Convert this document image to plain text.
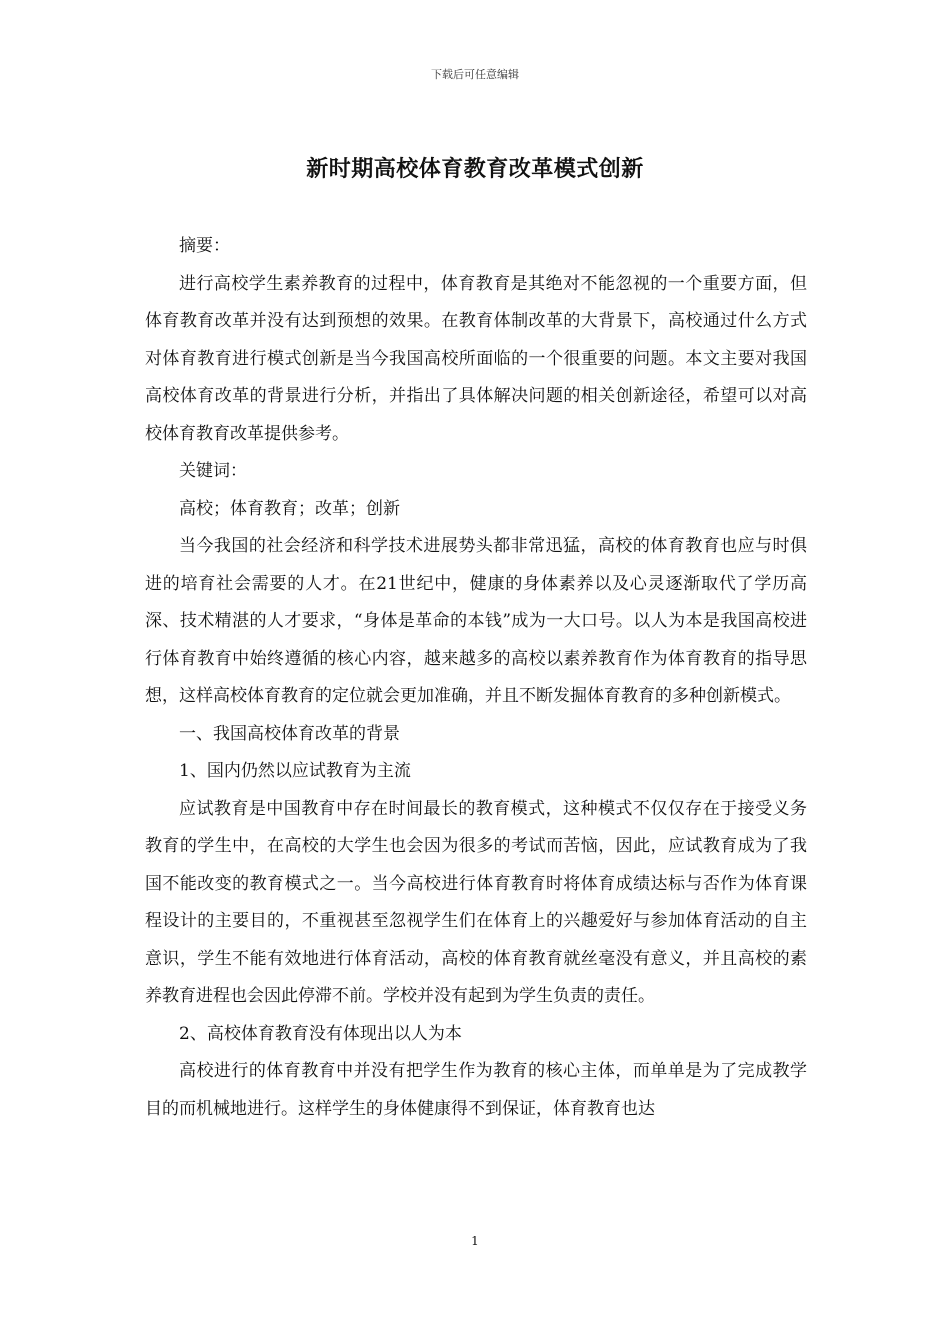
下载后可任意编辑
新时期高校体育教育改革模式创新

摘要：

进行高校学生素养教育的过程中，体育教育是其绝对不能忽视的一个重要方面，但体育教育改革并没有达到预想的效果。在教育体制改革的大背景下，高校通过什么方式对体育教育进行模式创新是当今我国高校所面临的一个很重要的问题。本文主要对我国高校体育改革的背景进行分析，并指出了具体解决问题的相关创新途径，希望可以对高校体育教育改革提供参考。

关键词：

高校；体育教育；改革；创新

当今我国的社会经济和科学技术进展势头都非常迅猛，高校的体育教育也应与时俱进的培育社会需要的人才。在21世纪中，健康的身体素养以及心灵逐渐取代了学历高深、技术精湛的人才要求，“身体是革命的本钱”成为一大口号。以人为本是我国高校进行体育教育中始终遵循的核心内容，越来越多的高校以素养教育作为体育教育的指导思想，这样高校体育教育的定位就会更加准确，并且不断发掘体育教育的多种创新模式。

一、我国高校体育改革的背景

1、国内仍然以应试教育为主流

应试教育是中国教育中存在时间最长的教育模式，这种模式不仅仅存在于接受义务教育的学生中，在高校的大学生也会因为很多的考试而苦恼，因此，应试教育成为了我国不能改变的教育模式之一。当今高校进行体育教育时将体育成绩达标与否作为体育课程设计的主要目的，不重视甚至忽视学生们在体育上的兴趣爱好与参加体育活动的自主意识，学生不能有效地进行体育活动，高校的体育教育就丝毫没有意义，并且高校的素养教育进程也会因此停滞不前。学校并没有起到为学生负责的责任。

2、高校体育教育没有体现出以人为本

高校进行的体育教育中并没有把学生作为教育的核心主体，而单单是为了完成教学目的而机械地进行。这样学生的身体健康得不到保证，体育教育也达

1
